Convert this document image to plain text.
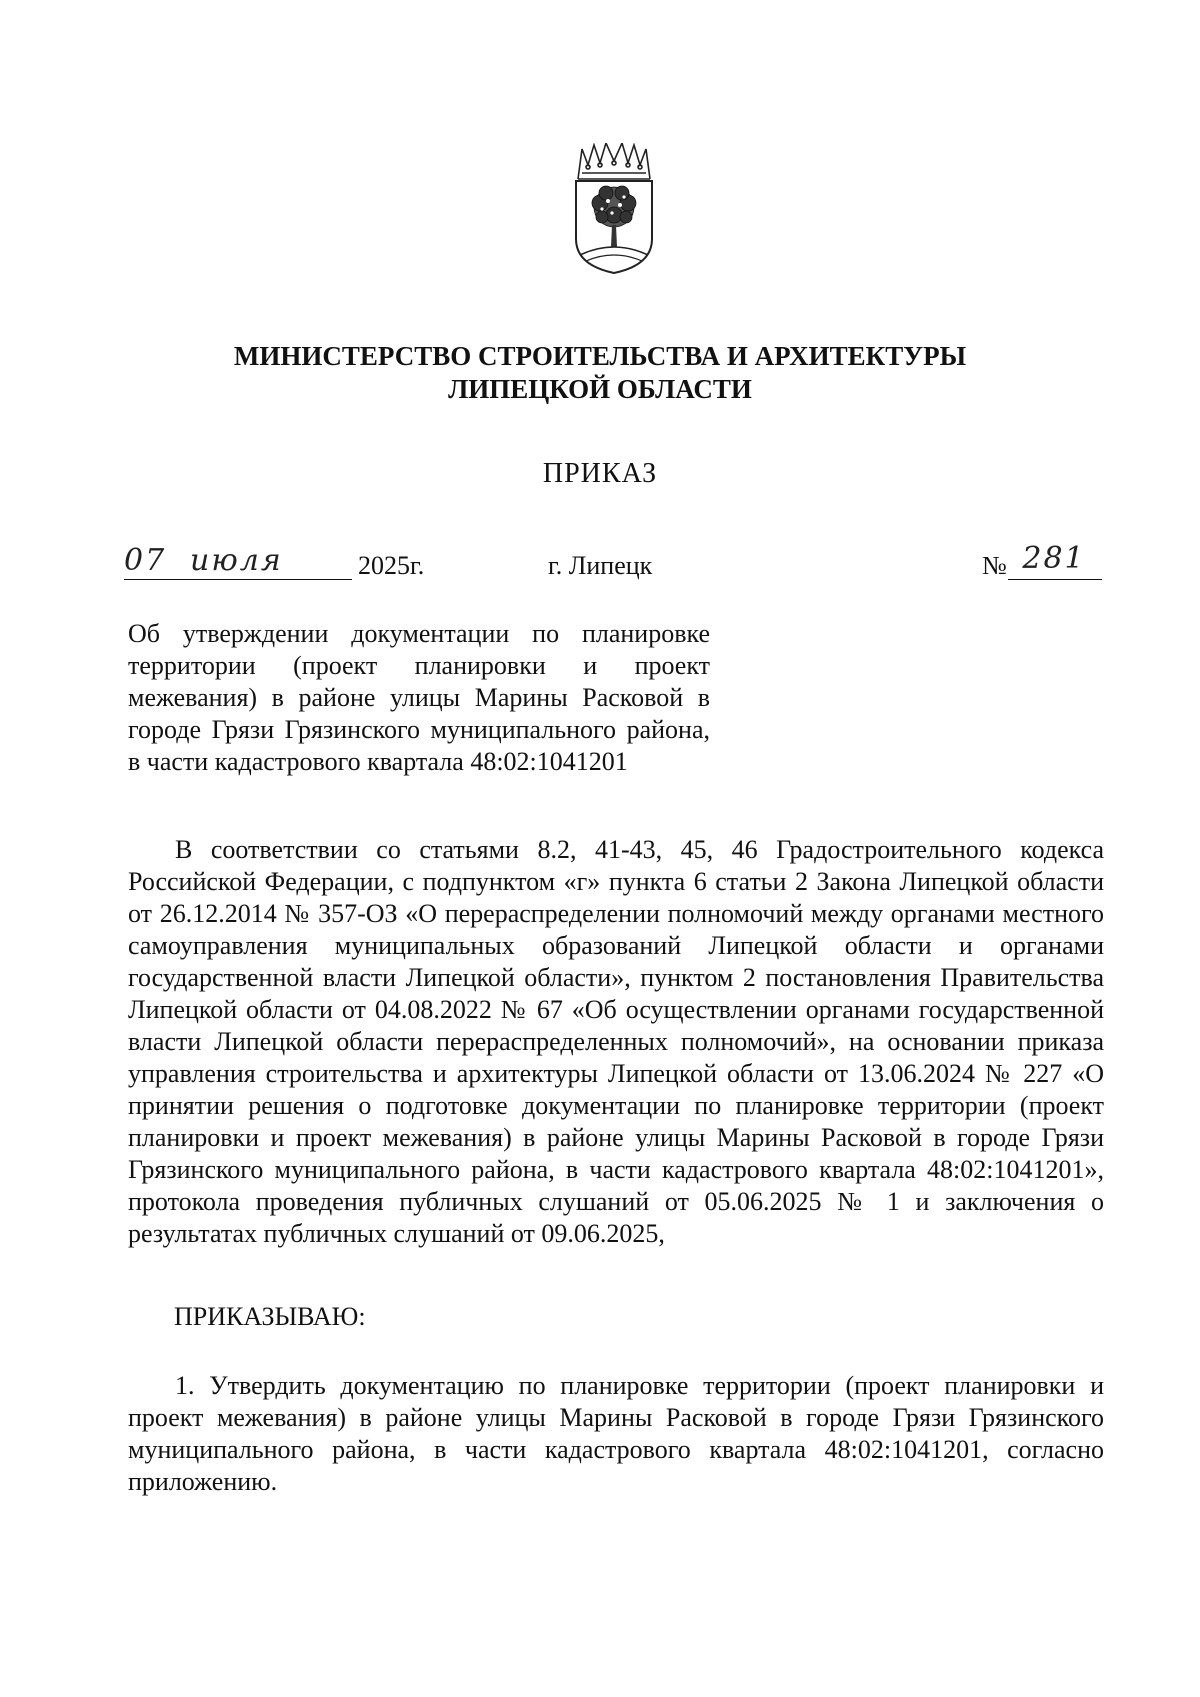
МИНИСТЕРСТВО СТРОИТЕЛЬСТВА И АРХИТЕКТУРЫ
ЛИПЕЦКОЙ ОБЛАСТИ
ПРИКАЗ
07 июля	2025г.	г. Липецк	№ 281
Об утверждении документации по планировке территории (проект планировки и проект межевания) в районе улицы Марины Расковой в городе Грязи Грязинского муниципального района, в части кадастрового квартала 48:02:1041201
В соответствии со статьями 8.2, 41-43, 45, 46 Градостроительного кодекса Российской Федерации, с подпунктом «г» пункта 6 статьи 2 Закона Липецкой области от 26.12.2014 № 357-ОЗ «О перераспределении полномочий между органами местного самоуправления муниципальных образований Липецкой области и органами государственной власти Липецкой области», пунктом 2 постановления Правительства Липецкой области от 04.08.2022 № 67 «Об осуществлении органами государственной власти Липецкой области перераспределенных полномочий», на основании приказа управления строительства и архитектуры Липецкой области от 13.06.2024 № 227 «О принятии решения о подготовке документации по планировке территории (проект планировки и проект межевания) в районе улицы Марины Расковой в городе Грязи Грязинского муниципального района, в части кадастрового квартала 48:02:1041201», протокола проведения публичных слушаний от 05.06.2025 № 1 и заключения о результатах публичных слушаний от 09.06.2025,
ПРИКАЗЫВАЮ:
1. Утвердить документацию по планировке территории (проект планировки и проект межевания) в районе улицы Марины Расковой в городе Грязи Грязинского муниципального района, в части кадастрового квартала 48:02:1041201, согласно приложению.
